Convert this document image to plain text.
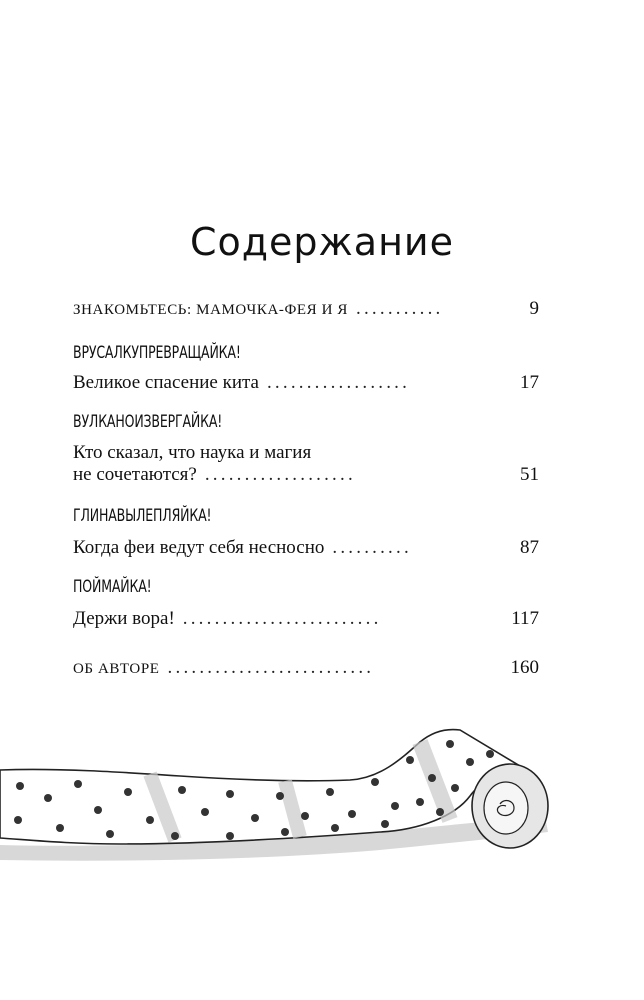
Содержание
ЗНАКОМЬТЕСЬ: МАМОЧКА-ФЕЯ И Я ...........	9
ВРУСАЛКУПРЕВРАЩАЙКА!
Великое спасение кита ..................	17
ВУЛКАНОИЗВЕРГАЙКА!
Кто сказал, что наука и магия
не сочетаются? ...................	51
ГЛИНАВЫЛЕПЛЯЙКА!
Когда феи ведут себя несносно ..........	87
ПОЙМАЙКА!
Держи вора! .........................	117
ОБ АВТОРЕ ..........................	160
